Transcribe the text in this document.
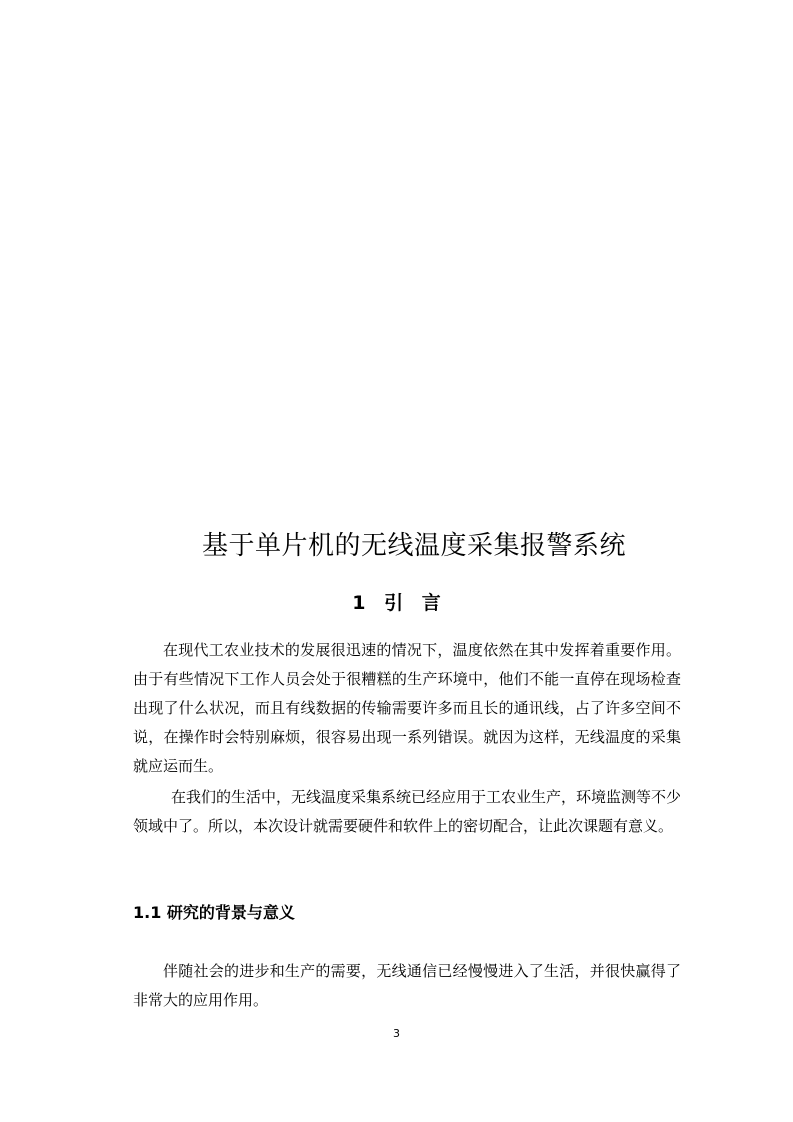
基于单片机的无线温度采集报警系统
1 引 言

在现代工农业技术的发展很迅速的情况下，温度依然在其中发挥着重要作用。由于有些情况下工作人员会处于很糟糕的生产环境中，他们不能一直停在现场检查出现了什么状况，而且有线数据的传输需要许多而且长的通讯线，占了许多空间不说，在操作时会特别麻烦，很容易出现一系列错误。就因为这样，无线温度的采集就应运而生。

在我们的生活中，无线温度采集系统已经应用于工农业生产，环境监测等不少领域中了。所以，本次设计就需要硬件和软件上的密切配合，让此次课题有意义。

1.1 研究的背景与意义

伴随社会的进步和生产的需要，无线通信已经慢慢进入了生活，并很快赢得了非常大的应用作用。

3
